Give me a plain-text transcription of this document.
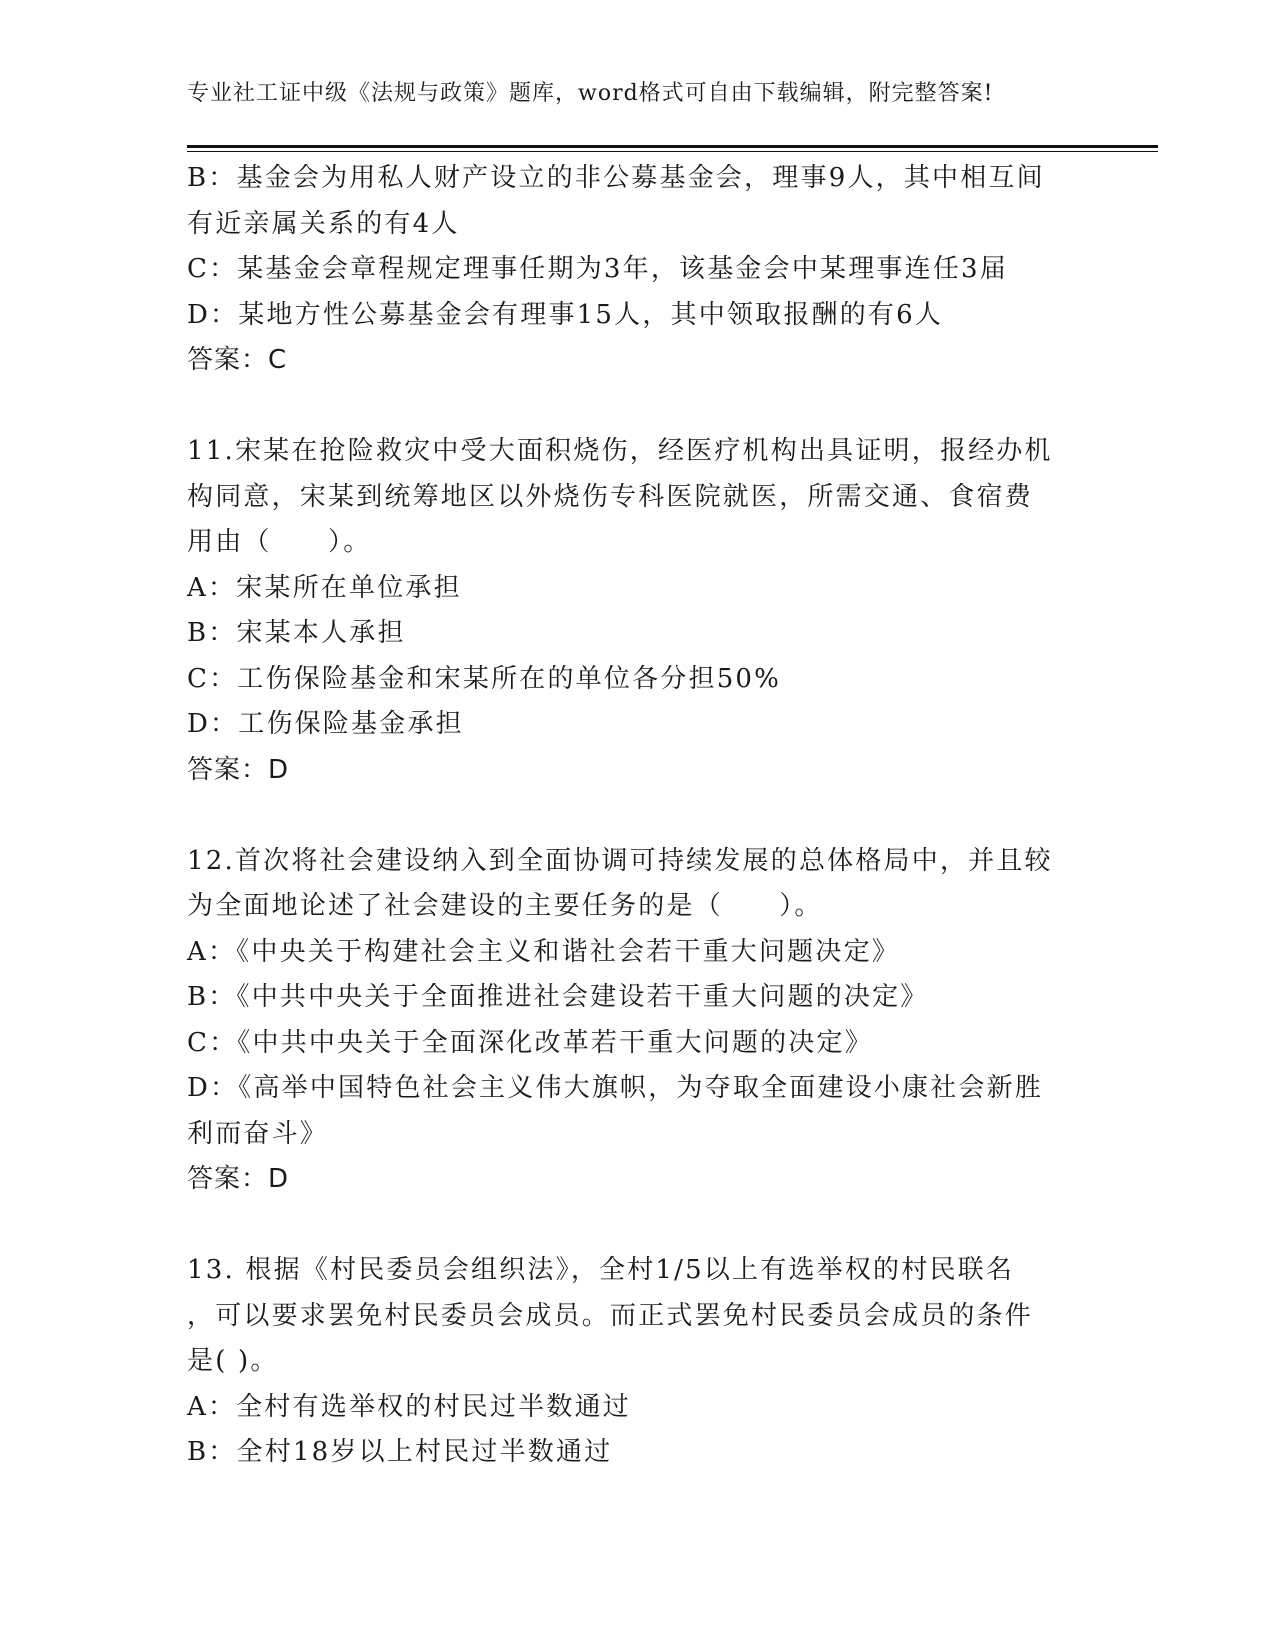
专业社工证中级《法规与政策》题库，word格式可自由下载编辑，附完整答案!
B：基金会为用私人财产设立的非公募基金会，理事9人，其中相互间
有近亲属关系的有4人
C：某基金会章程规定理事任期为3年，该基金会中某理事连任3届
D：某地方性公募基金会有理事15人，其中领取报酬的有6人
答案：C
11.宋某在抢险救灾中受大面积烧伤，经医疗机构出具证明，报经办机
构同意，宋某到统筹地区以外烧伤专科医院就医，所需交通、食宿费
用由（　　）。
A：宋某所在单位承担
B：宋某本人承担
C：工伤保险基金和宋某所在的单位各分担50%
D：工伤保险基金承担
答案：D
12.首次将社会建设纳入到全面协调可持续发展的总体格局中，并且较
为全面地论述了社会建设的主要任务的是（　　）。
A：《中央关于构建社会主义和谐社会若干重大问题决定》
B：《中共中央关于全面推进社会建设若干重大问题的决定》
C：《中共中央关于全面深化改革若干重大问题的决定》
D：《高举中国特色社会主义伟大旗帜，为夺取全面建设小康社会新胜
利而奋斗》
答案：D
13. 根据《村民委员会组织法》，全村1/5以上有选举权的村民联名
，可以要求罢免村民委员会成员。而正式罢免村民委员会成员的条件
是( )。
A：全村有选举权的村民过半数通过
B：全村18岁以上村民过半数通过
